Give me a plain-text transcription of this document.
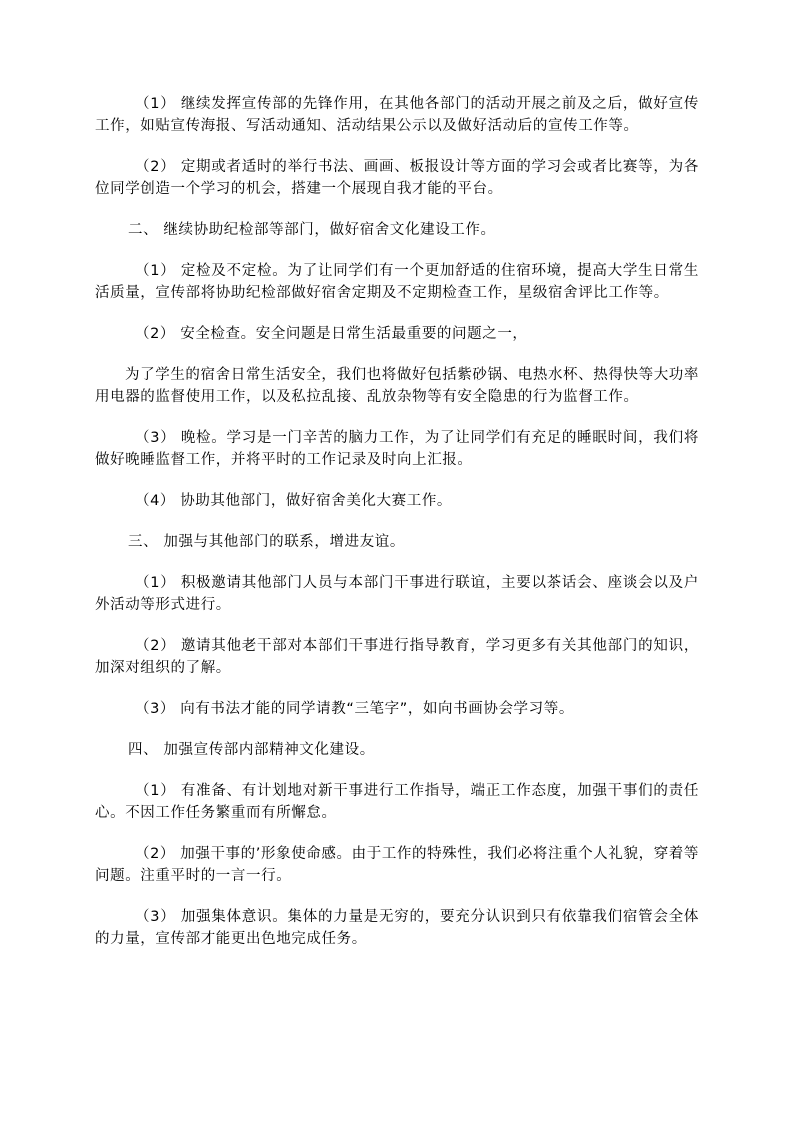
（1） 继续发挥宣传部的先锋作用，在其他各部门的活动开展之前及之后，做好宣传工作，如贴宣传海报、写活动通知、活动结果公示以及做好活动后的宣传工作等。

（2） 定期或者适时的举行书法、画画、板报设计等方面的学习会或者比赛等，为各位同学创造一个学习的机会，搭建一个展现自我才能的平台。

二、 继续协助纪检部等部门，做好宿舍文化建设工作。

（1） 定检及不定检。为了让同学们有一个更加舒适的住宿环境，提高大学生日常生活质量，宣传部将协助纪检部做好宿舍定期及不定期检查工作，星级宿舍评比工作等。

（2） 安全检查。安全问题是日常生活最重要的问题之一，

为了学生的宿舍日常生活安全，我们也将做好包括紫砂锅、电热水杯、热得快等大功率用电器的监督使用工作，以及私拉乱接、乱放杂物等有安全隐患的行为监督工作。

（3） 晚检。学习是一门辛苦的脑力工作，为了让同学们有充足的睡眠时间，我们将做好晚睡监督工作，并将平时的工作记录及时向上汇报。

（4） 协助其他部门，做好宿舍美化大赛工作。

三、 加强与其他部门的联系，增进友谊。

（1） 积极邀请其他部门人员与本部门干事进行联谊，主要以茶话会、座谈会以及户外活动等形式进行。

（2） 邀请其他老干部对本部们干事进行指导教育，学习更多有关其他部门的知识，加深对组织的了解。

（3） 向有书法才能的同学请教“三笔字”，如向书画协会学习等。

四、 加强宣传部内部精神文化建设。

（1） 有准备、有计划地对新干事进行工作指导，端正工作态度，加强干事们的责任心。不因工作任务繁重而有所懈怠。

（2） 加强干事的’形象使命感。由于工作的特殊性，我们必将注重个人礼貌，穿着等问题。注重平时的一言一行。

（3） 加强集体意识。集体的力量是无穷的，要充分认识到只有依靠我们宿管会全体的力量，宣传部才能更出色地完成任务。
